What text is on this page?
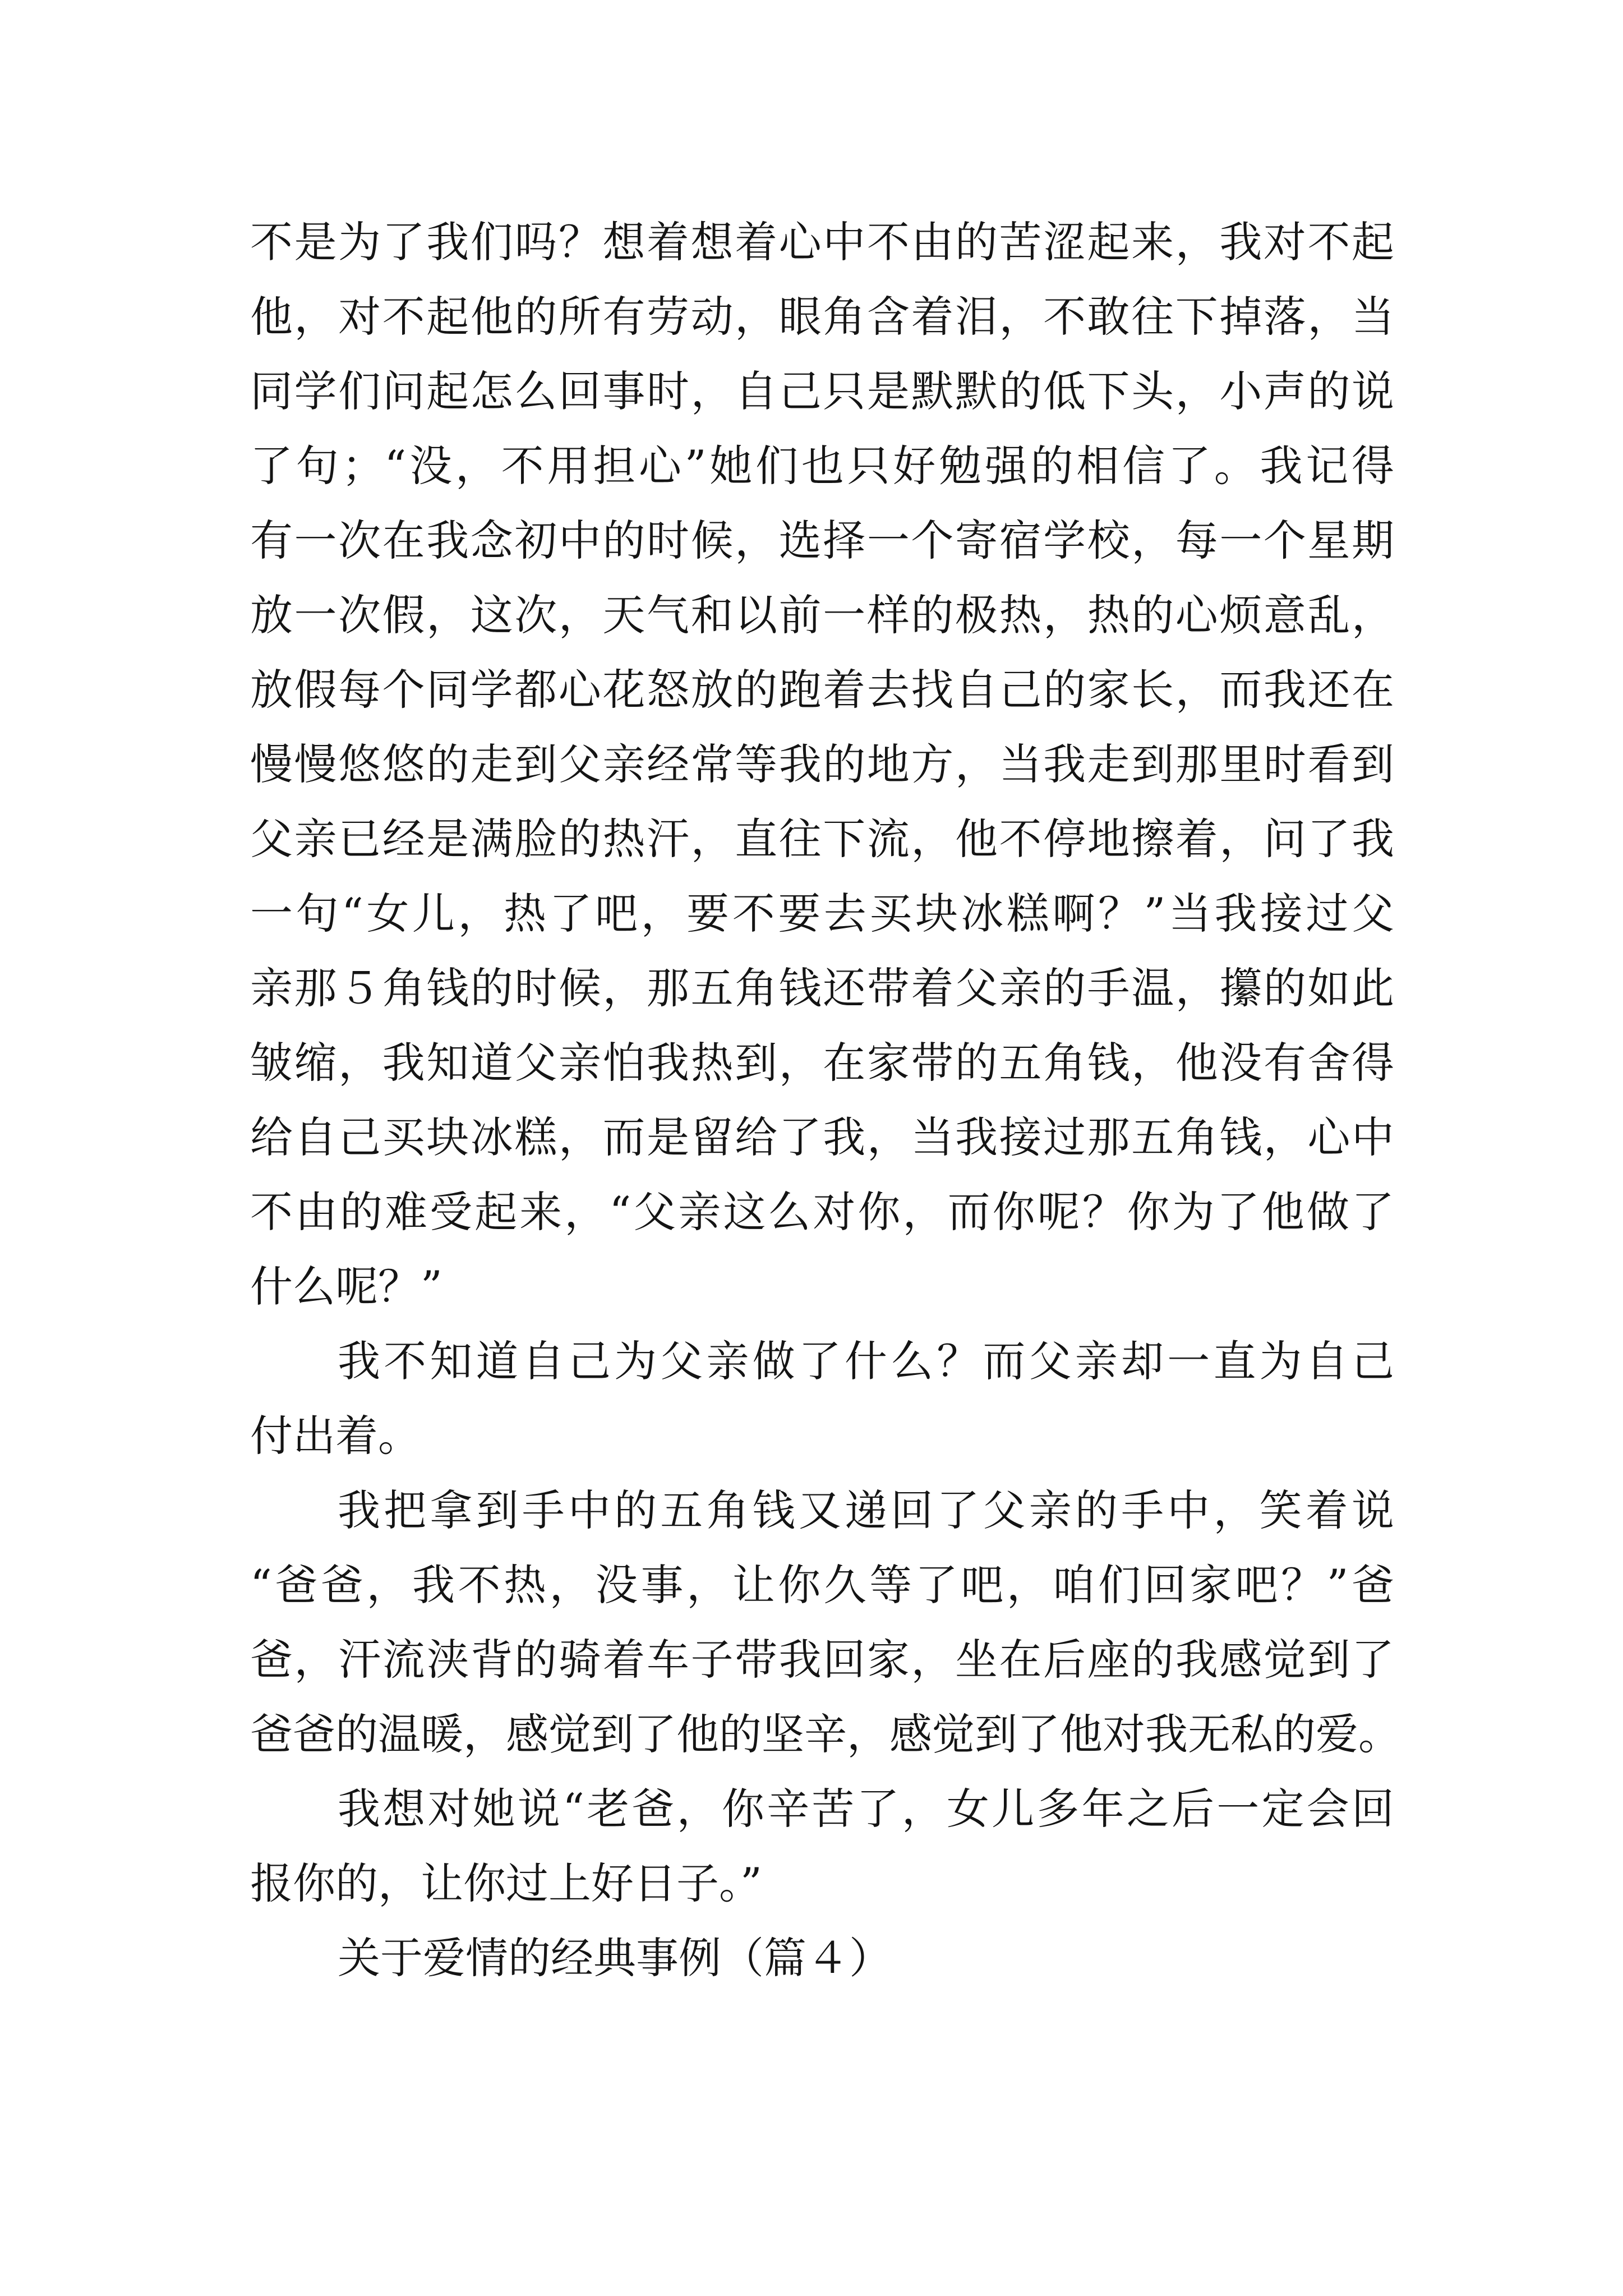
不是为了我们吗？想着想着心中不由的苦涩起来，我对不起
他，对不起他的所有劳动，眼角含着泪，不敢往下掉落，当
同学们问起怎么回事时，自己只是默默的低下头，小声的说
了句；“没，不用担心”她们也只好勉强的相信了。我记得
有一次在我念初中的时候，选择一个寄宿学校，每一个星期
放一次假，这次，天气和以前一样的极热，热的心烦意乱，
放假每个同学都心花怒放的跑着去找自己的家长，而我还在
慢慢悠悠的走到父亲经常等我的地方，当我走到那里时看到
父亲已经是满脸的热汗，直往下流，他不停地擦着，问了我
一句“女儿，热了吧，要不要去买块冰糕啊？”当我接过父
亲那５角钱的时候，那五角钱还带着父亲的手温，攥的如此
皱缩，我知道父亲怕我热到，在家带的五角钱，他没有舍得
给自己买块冰糕，而是留给了我，当我接过那五角钱，心中
不由的难受起来，“父亲这么对你，而你呢？你为了他做了
什么呢？”
我不知道自己为父亲做了什么？而父亲却一直为自己
付出着。
我把拿到手中的五角钱又递回了父亲的手中，笑着说
“爸爸，我不热，没事，让你久等了吧，咱们回家吧？”爸
爸，汗流浃背的骑着车子带我回家，坐在后座的我感觉到了
爸爸的温暖，感觉到了他的坚辛，感觉到了他对我无私的爱。
我想对她说“老爸，你辛苦了，女儿多年之后一定会回
报你的，让你过上好日子。”
关于爱情的经典事例（篇４）
